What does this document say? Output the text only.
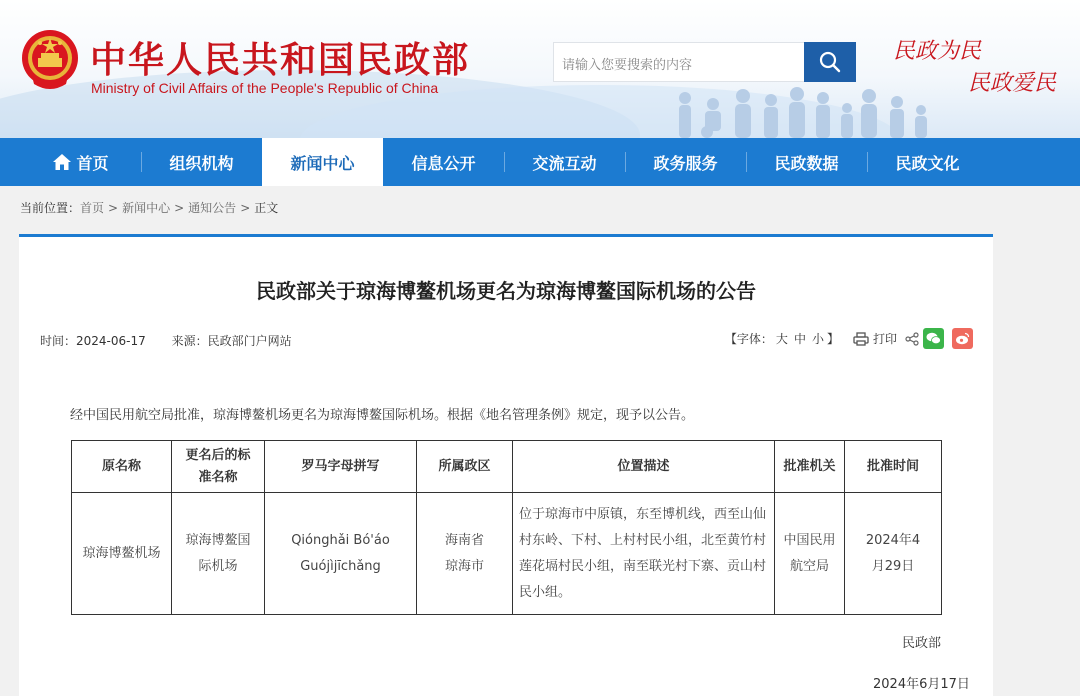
中华人民共和国民政部
Ministry of Civil Affairs of the People's Republic of China
请输入您要搜索的内容
民政为民
民政爱民
首页	组织机构	新闻中心	信息公开	交流互动	政务服务	民政数据	民政文化
当前位置：首页 > 新闻中心 > 通知公告 > 正文
民政部关于琼海博鳌机场更名为琼海博鳌国际机场的公告
时间：2024-06-17 来源：民政部门户网站	【字体： 大 中 小 】	打印
经中国民用航空局批准，琼海博鳌机场更名为琼海博鳌国际机场。根据《地名管理条例》规定，现予以公告。
原名称	更名后的标准名称	罗马字母拼写	所属政区	位置描述	批准机关	批准时间
琼海博鳌机场	琼海博鳌国际机场	Qiónghǎi Bó'áo Guójìjīchǎng	海南省琼海市	位于琼海市中原镇，东至博机线，西至山仙村东岭、下村、上村村民小组，北至黄竹村莲花塥村民小组，南至联光村下寨、贡山村民小组。	中国民用航空局	2024年4月29日
民政部
2024年6月17日
